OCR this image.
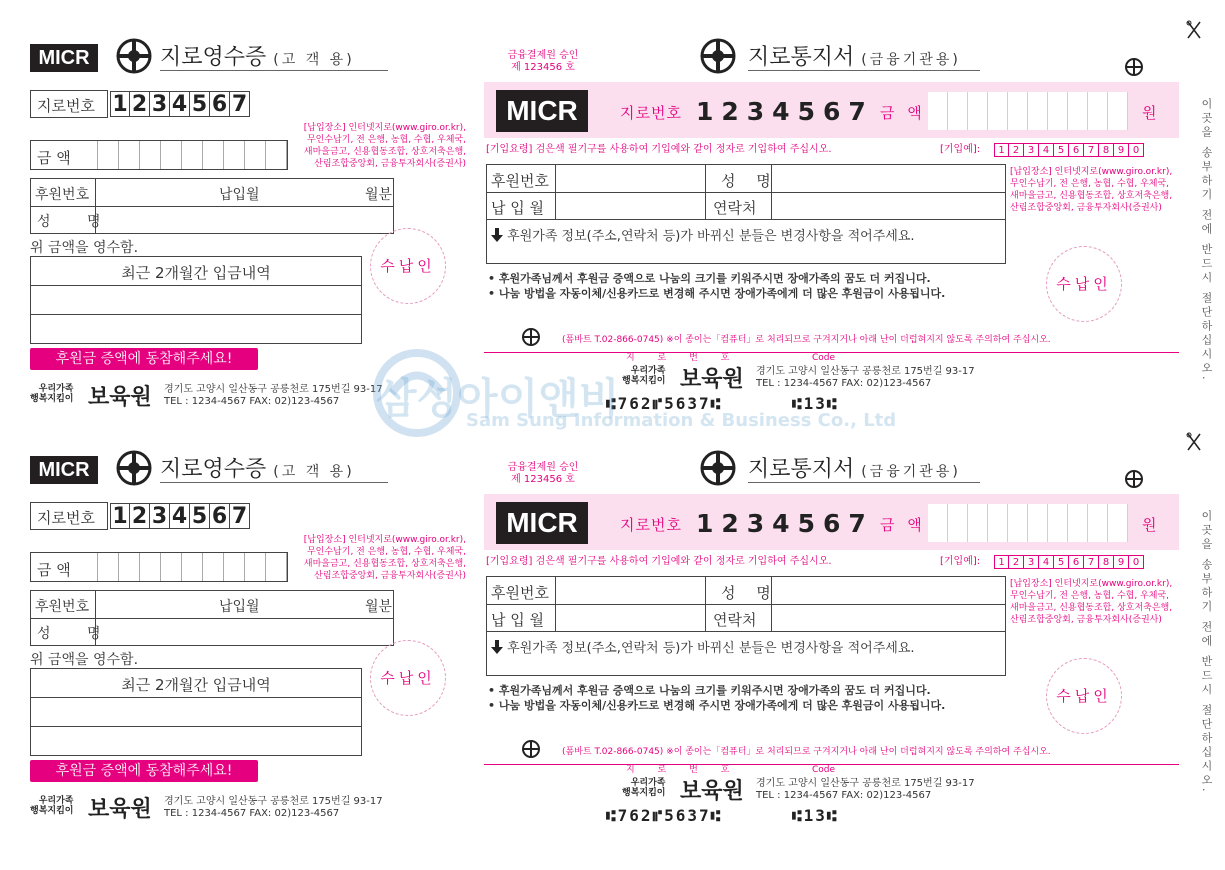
MICR	지로영수증 (고 객 용)
지로번호 1 2 3 4 5 6 7
금 액
[납입장소] 인터넷지로(www.giro.or.kr),
무인수납기, 전 은행, 농협, 수협, 우체국,
새마을금고, 신용협동조합, 상호저축은행,
산림조합중앙회, 금융투자회사(증권사)
후원번호	납입월	월분
성 명
위 금액을 영수함.
최근 2개월간 입금내역	수납인
후원금 증액에 동참해주세요!
우리가족
행복지킴이 보육원 경기도 고양시 일산동구 공릉천로 175번길 93-17
TEL : 1234-4567 FAX: 02)123-4567
금융결제원 승인
제 123456 호	지로통지서 (금융기관용)
MICR	지로번호 1234567 금 액	원
[기입요령] 검은색 필기구를 사용하여 기입예와 같이 정자로 기입하여 주십시오.	[기입예]:	1 2 3 4 5 6 7 8 9 0
후원번호	성 명
납 입 월	연락처
후원가족 정보(주소,연락처 등)가 바뀌신 분들은 변경사항을 적어주세요.
[납입장소] 인터넷지로(www.giro.or.kr),
무인수납기, 전 은행, 농협, 수협, 우체국,
새마을금고, 신용협동조합, 상호저축은행,
산림조합중앙회, 금융투자회사(증권사)
• 후원가족님께서 후원금 증액으로 나눔의 크기를 키워주시면 장애가족의 꿈도 더 커집니다.
• 나눔 방법을 자동이체/신용카드로 변경해 주시면 장애가족에게 더 많은 후원금이 사용됩니다.
수납인
(폼바트 T.02-866-0745) ※이 종이는「컴퓨터」로 처리되므로 구겨지거나 아래 난이 더럽혀지지 않도록 주의하여 주십시오.
지 로 번 호	Code
우리가족
행복지킴이 보육원 경기도 고양시 일산동구 공릉천로 175번길 93-17
TEL : 1234-4567 FAX: 02)123-4567
⑆762⑈5637⑆	⑆13⑆
이곳을 송부하기 전에 반드시 절단하십시오.
MICR	지로영수증 (고 객 용)
지로번호 1 2 3 4 5 6 7
금 액
[납입장소] 인터넷지로(www.giro.or.kr),
무인수납기, 전 은행, 농협, 수협, 우체국,
새마을금고, 신용협동조합, 상호저축은행,
산림조합중앙회, 금융투자회사(증권사)
후원번호	납입월	월분
성 명
위 금액을 영수함.
최근 2개월간 입금내역	수납인
후원금 증액에 동참해주세요!
우리가족
행복지킴이 보육원 경기도 고양시 일산동구 공릉천로 175번길 93-17
TEL : 1234-4567 FAX: 02)123-4567
금융결제원 승인
제 123456 호	지로통지서 (금융기관용)
MICR	지로번호 1234567 금 액	원
[기입요령] 검은색 필기구를 사용하여 기입예와 같이 정자로 기입하여 주십시오.	[기입예]:	1 2 3 4 5 6 7 8 9 0
후원번호	성 명
납 입 월	연락처
후원가족 정보(주소,연락처 등)가 바뀌신 분들은 변경사항을 적어주세요.
[납입장소] 인터넷지로(www.giro.or.kr),
무인수납기, 전 은행, 농협, 수협, 우체국,
새마을금고, 신용협동조합, 상호저축은행,
산림조합중앙회, 금융투자회사(증권사)
• 후원가족님께서 후원금 증액으로 나눔의 크기를 키워주시면 장애가족의 꿈도 더 커집니다.
• 나눔 방법을 자동이체/신용카드로 변경해 주시면 장애가족에게 더 많은 후원금이 사용됩니다.
수납인
(폼바트 T.02-866-0745) ※이 종이는「컴퓨터」로 처리되므로 구겨지거나 아래 난이 더럽혀지지 않도록 주의하여 주십시오.
지 로 번 호	Code
우리가족
행복지킴이 보육원 경기도 고양시 일산동구 공릉천로 175번길 93-17
TEL : 1234-4567 FAX: 02)123-4567
⑆762⑈5637⑆	⑆13⑆
이곳을 송부하기 전에 반드시 절단하십시오.
삼성아이앤비
Sam Sung Information & Business Co., Ltd
